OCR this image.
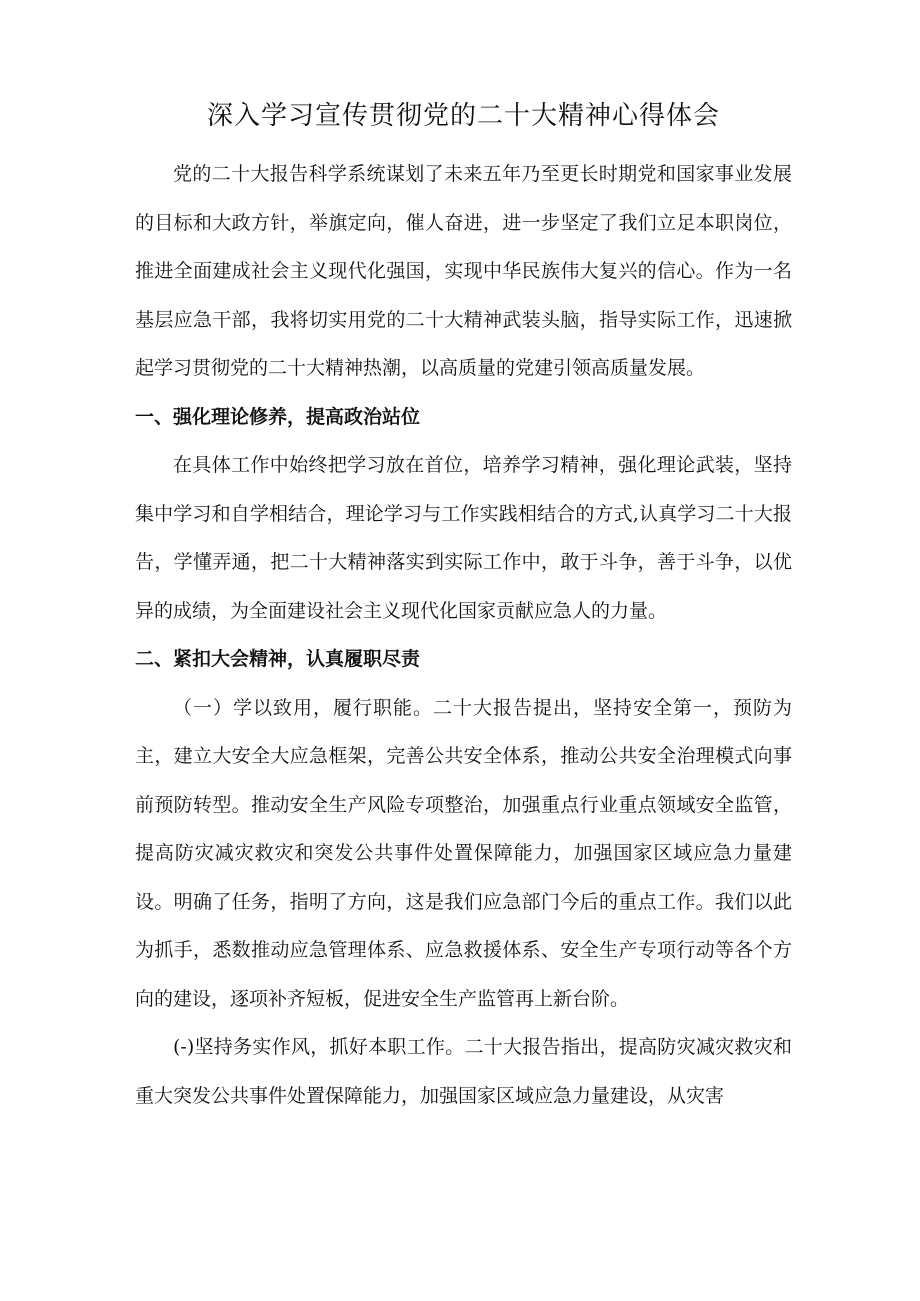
深入学习宣传贯彻党的二十大精神心得体会

党的二十大报告科学系统谋划了未来五年乃至更长时期党和国家事业发展的目标和大政方针，举旗定向，催人奋进，进一步坚定了我们立足本职岗位，推进全面建成社会主义现代化强国，实现中华民族伟大复兴的信心。作为一名基层应急干部，我将切实用党的二十大精神武装头脑，指导实际工作，迅速掀起学习贯彻党的二十大精神热潮，以高质量的党建引领高质量发展。

一、强化理论修养，提高政治站位

在具体工作中始终把学习放在首位，培养学习精神，强化理论武装，坚持集中学习和自学相结合，理论学习与工作实践相结合的方式,认真学习二十大报告，学懂弄通，把二十大精神落实到实际工作中，敢于斗争，善于斗争，以优异的成绩，为全面建设社会主义现代化国家贡献应急人的力量。

二、紧扣大会精神，认真履职尽责

（一）学以致用，履行职能。二十大报告提出，坚持安全第一，预防为主，建立大安全大应急框架，完善公共安全体系，推动公共安全治理模式向事前预防转型。推动安全生产风险专项整治，加强重点行业重点领域安全监管，提高防灾减灾救灾和突发公共事件处置保障能力，加强国家区域应急力量建设。明确了任务，指明了方向，这是我们应急部门今后的重点工作。我们以此为抓手，悉数推动应急管理体系、应急救援体系、安全生产专项行动等各个方向的建设，逐项补齐短板，促进安全生产监管再上新台阶。

(-)坚持务实作风，抓好本职工作。二十大报告指出，提高防灾减灾救灾和重大突发公共事件处置保障能力，加强国家区域应急力量建设，从灾害
